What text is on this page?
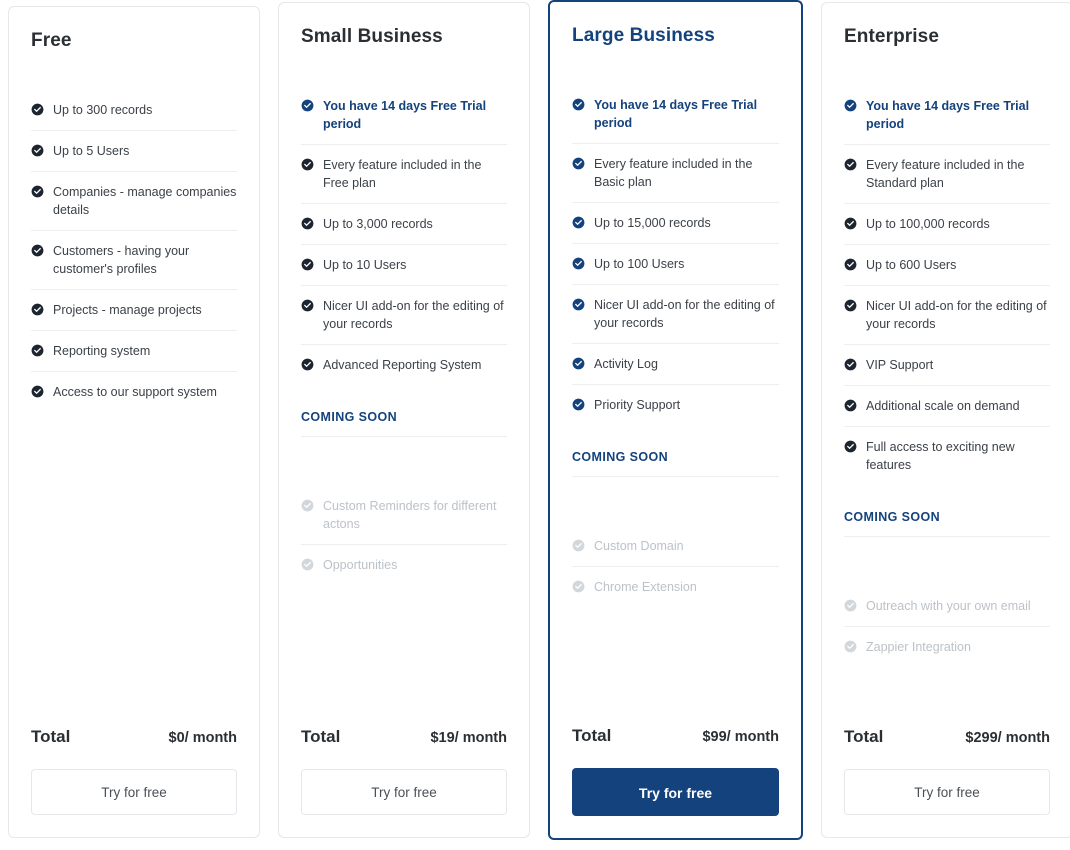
Free
Up to 300 records
Up to 5 Users
Companies - manage companies details
Customers - having your customer's profiles
Projects - manage projects
Reporting system
Access to our support system
Total	$0/ month
Try for free
Small Business
You have 14 days Free Trial period
Every feature included in the Free plan
Up to 3,000 records
Up to 10 Users
Nicer UI add-on for the editing of your records
Advanced Reporting System
COMING SOON
Custom Reminders for different actons
Opportunities
Total	$19/ month
Try for free
Large Business
You have 14 days Free Trial period
Every feature included in the Basic plan
Up to 15,000 records
Up to 100 Users
Nicer UI add-on for the editing of your records
Activity Log
Priority Support
COMING SOON
Custom Domain
Chrome Extension
Total	$99/ month
Try for free
Enterprise
You have 14 days Free Trial period
Every feature included in the Standard plan
Up to 100,000 records
Up to 600 Users
Nicer UI add-on for the editing of your records
VIP Support
Additional scale on demand
Full access to exciting new features
COMING SOON
Outreach with your own email
Zappier Integration
Total	$299/ month
Try for free
